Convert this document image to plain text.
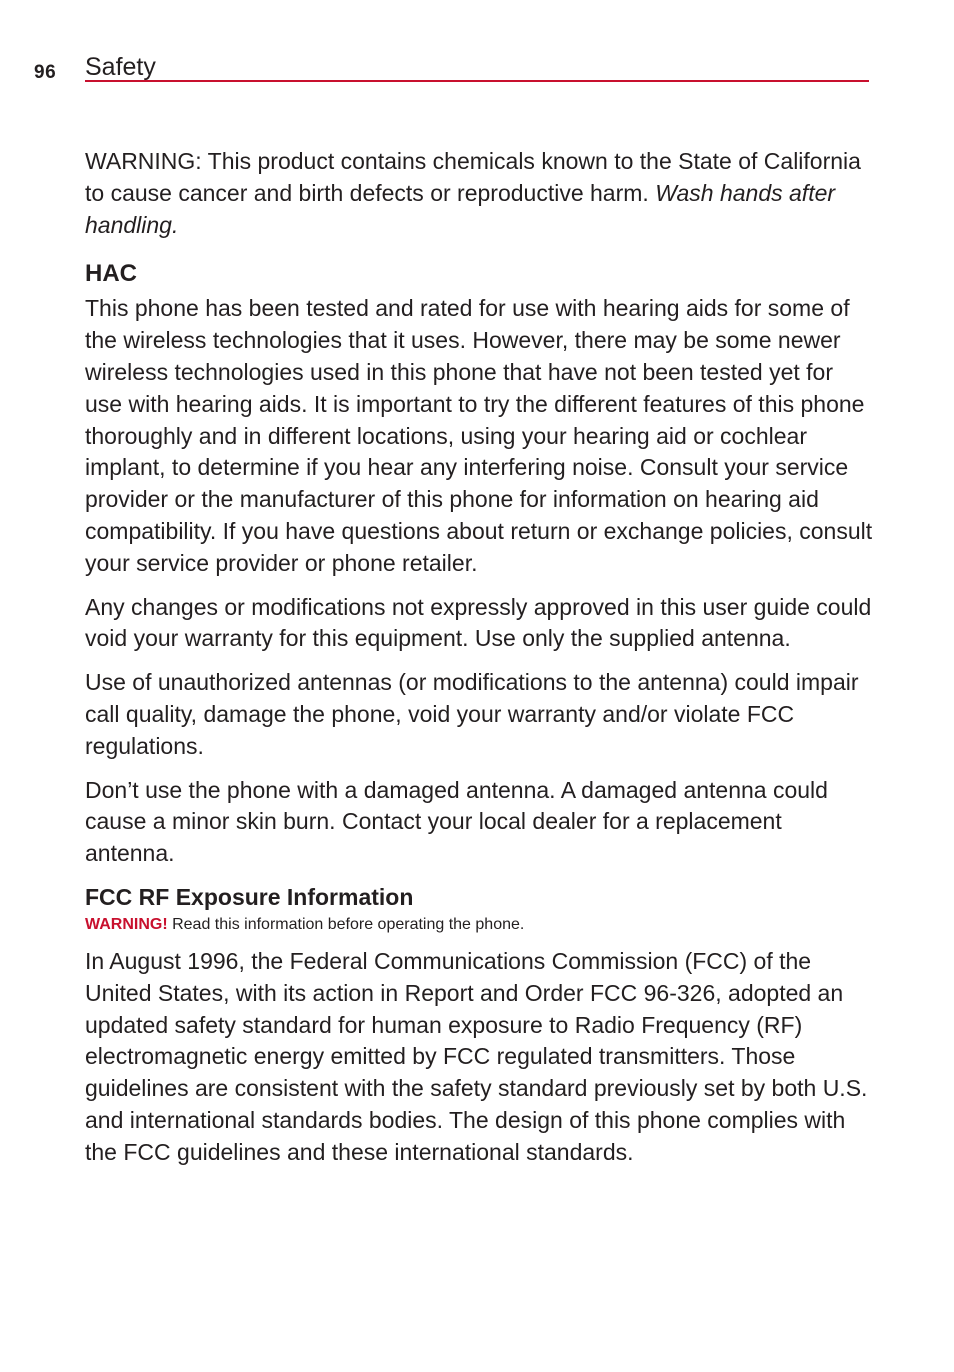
96 Safety

WARNING: This product contains chemicals known to the State of California to cause cancer and birth defects or reproductive harm. Wash hands after handling.

HAC

This phone has been tested and rated for use with hearing aids for some of the wireless technologies that it uses. However, there may be some newer wireless technologies used in this phone that have not been tested yet for use with hearing aids. It is important to try the different features of this phone thoroughly and in different locations, using your hearing aid or cochlear implant, to determine if you hear any interfering noise. Consult your service provider or the manufacturer of this phone for information on hearing aid compatibility. If you have questions about return or exchange policies, consult your service provider or phone retailer.

Any changes or modifications not expressly approved in this user guide could void your warranty for this equipment. Use only the supplied antenna.

Use of unauthorized antennas (or modifications to the antenna) could impair call quality, damage the phone, void your warranty and/or violate FCC regulations.

Don’t use the phone with a damaged antenna. A damaged antenna could cause a minor skin burn. Contact your local dealer for a replacement antenna.

FCC RF Exposure Information
WARNING! Read this information before operating the phone.

In August 1996, the Federal Communications Commission (FCC) of the United States, with its action in Report and Order FCC 96-326, adopted an updated safety standard for human exposure to Radio Frequency (RF) electromagnetic energy emitted by FCC regulated transmitters. Those guidelines are consistent with the safety standard previously set by both U.S. and international standards bodies. The design of this phone complies with the FCC guidelines and these international standards.
